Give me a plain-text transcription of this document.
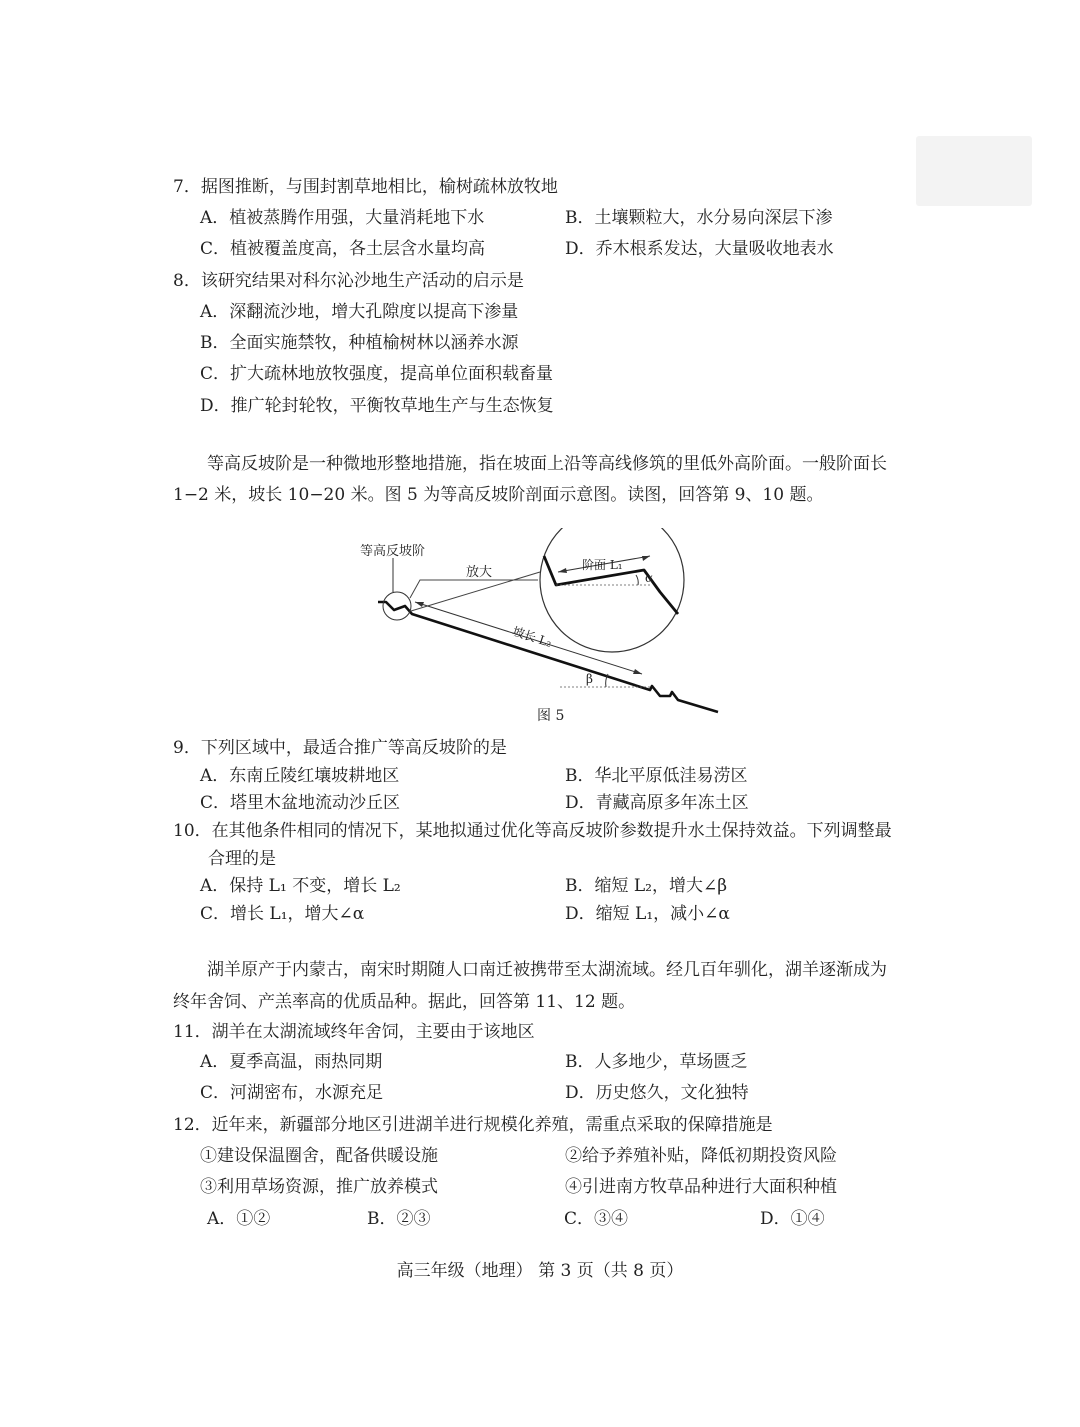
7．据图推断，与围封割草地相比，榆树疏林放牧地
A．植被蒸腾作用强，大量消耗地下水	B．土壤颗粒大，水分易向深层下渗
C．植被覆盖度高，各土层含水量均高	D．乔木根系发达，大量吸收地表水
8．该研究结果对科尔沁沙地生产活动的启示是
A．深翻流沙地，增大孔隙度以提高下渗量
B．全面实施禁牧，种植榆树林以涵养水源
C．扩大疏林地放牧强度，提高单位面积载畜量
D．推广轮封轮牧，平衡牧草地生产与生态恢复
等高反坡阶是一种微地形整地措施，指在坡面上沿等高线修筑的里低外高阶面。一般阶面长
1−2 米，坡长 10−20 米。图 5 为等高反坡阶剖面示意图。读图，回答第 9、10 题。
等高反坡阶
放大	阶面 L₁
α
坡长 L₂
β
图 5
9．下列区域中，最适合推广等高反坡阶的是
A．东南丘陵红壤坡耕地区	B．华北平原低洼易涝区
C．塔里木盆地流动沙丘区	D．青藏高原多年冻土区
10．在其他条件相同的情况下，某地拟通过优化等高反坡阶参数提升水土保持效益。下列调整最
合理的是
A．保持 L₁ 不变，增长 L₂	B．缩短 L₂，增大∠β
C．增长 L₁，增大∠α	D．缩短 L₁，减小∠α
湖羊原产于内蒙古，南宋时期随人口南迁被携带至太湖流域。经几百年驯化，湖羊逐渐成为
终年舍饲、产羔率高的优质品种。据此，回答第 11、12 题。
11．湖羊在太湖流域终年舍饲，主要由于该地区
A．夏季高温，雨热同期	B．人多地少，草场匮乏
C．河湖密布，水源充足	D．历史悠久，文化独特
12．近年来，新疆部分地区引进湖羊进行规模化养殖，需重点采取的保障措施是
①建设保温圈舍，配备供暖设施	②给予养殖补贴，降低初期投资风险
③利用草场资源，推广放养模式	④引进南方牧草品种进行大面积种植
A．①②	B．②③	C．③④	D．①④
高三年级（地理） 第 3 页（共 8 页）
